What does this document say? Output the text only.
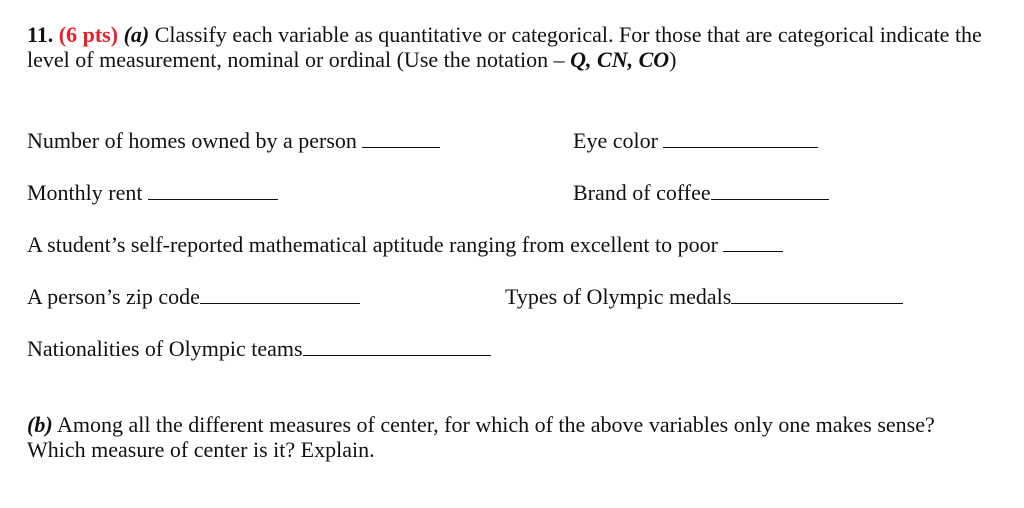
11. (6 pts) (a) Classify each variable as quantitative or categorical. For those that are categorical indicate the level of measurement, nominal or ordinal (Use the notation – Q, CN, CO)
Number of homes owned by a person	Eye color
Monthly rent	Brand of coffee
A student’s self-reported mathematical aptitude ranging from excellent to poor
A person’s zip code	Types of Olympic medals
Nationalities of Olympic teams
(b) Among all the different measures of center, for which of the above variables only one makes sense? Which measure of center is it? Explain.
